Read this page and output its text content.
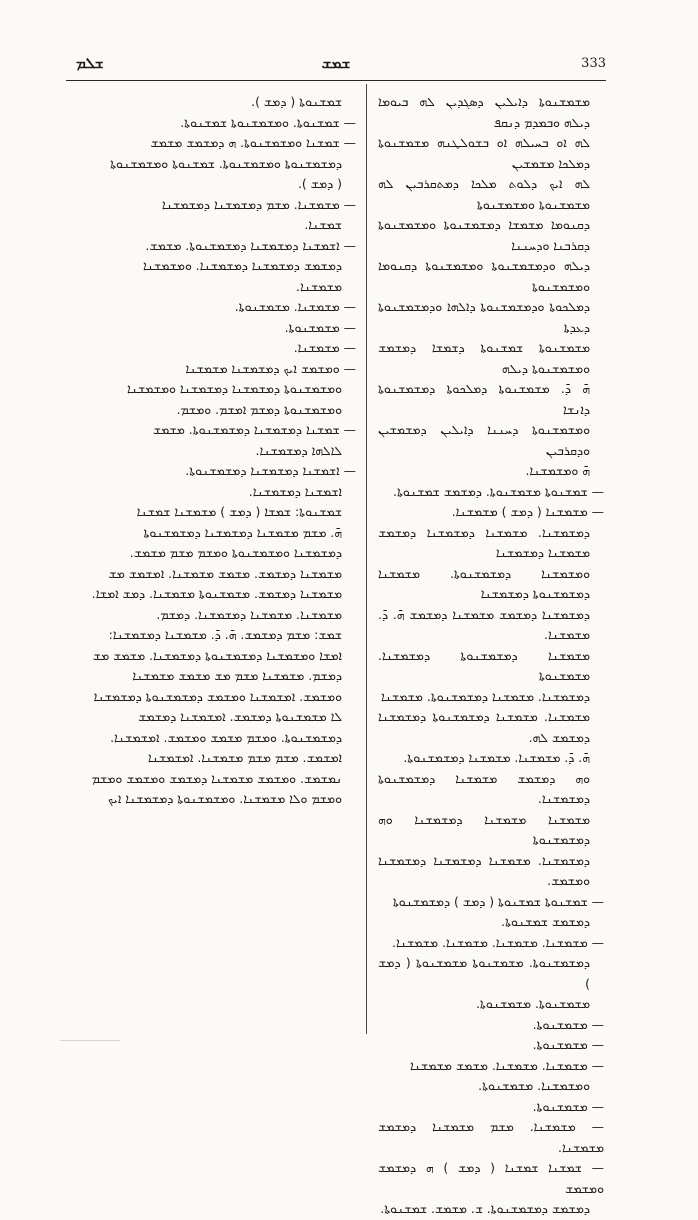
ܫܠܡ	ܫܡܫ	333

ܡܫܡܫܢܘܬܐ ܕܐܝܠܝܢ ܕܣܓܕܝܢ ܠܗ ܒܝܘܡܐ ܕܝܠܗ ܘܒܡܕܡ ܕܢܩܦ

ܠܗ ܐܘ ܒܚܝܠܗ ܐܘ ܒܫܘܠܛܢܗ ܡܫܡܫܢܘܬܐ ܕܡܠܟܐ ܡܫܡܫܝܢ

ܠܗ ܐܝܟ ܕܠܘܬ ܡܠܟܐ ܕܡܬܩܪܒܝܢ ܠܗ ܡܫܡܫܢܘܬܐ ܘܡܫܡܫܢܘܬܐ

ܕܩܢܘܡܐ ܡܫܡܫܐ ܕܡܫܡܫܢܘܬܐ ܘܡܫܡܫܢܘܬܐ ܕܩܪܒܢܐ ܘܕܚܢܢܐ

ܕܝܠܗ ܘܕܡܫܡܫܢܘܬܐ ܘܡܫܡܫܢܘܬܐ ܕܩܢܘܡܐ ܘܡܫܡܫܢܘܬܐ

ܕܡܠܟܘܬܐ ܘܕܡܫܡܫܢܘܬܐ ܕܐܠܗܐ ܘܕܡܫܡܫܢܘܬܐ ܕܥܕܬܐ

ܡܫܡܫܢܘܬܐ ܫܡܫܢܘܬܐ ܕܫܡܫܐ ܕܡܫܡܫ ܘܡܫܡܫܢܘܬܐ ܕܝܠܗ

ܗ̄ ܕ̄. ܡܫܡܫܢܘܬܐ ܕܡܠܟܘܬܐ ܕܡܫܡܫܢܘܬܐ ܕܐܢܫܐ

ܘܡܫܡܫܢܘܬܐ ܕܚܢܢܐ ܕܐܝܠܝܢ ܕܡܫܡܫܝܢ ܘܕܩܪܒܝܢ

ܗ̄ ܘܡܫܡܫܢܐ.

— ܫܡܫܢܘܬܐ ܡܫܡܫܢܘܬܐ. ܕܡܫܡܫ ܫܡܫܢܘܬܐ.

— ܡܫܡܫܢܐ ( ܕܡܫ ) ܡܫܡܫܢܐ.

ܕܡܫܡܫܢܐ. ܡܫܡܫܢܐ ܕܡܫܡܫܢܐ ܕܡܫܡܫ ܡܫܡܫܢܐ ܕܡܫܡܫܢܐ

ܘܡܫܡܫܢܐ ܕܡܫܡܫܢܘܬܐ. ܡܫܡܫܢܐ ܕܡܫܡܫܢܘܬܐ ܕܡܫܡܫܢܐ

ܕܡܫܡܫܢܐ ܕܡܫܡܫ ܡܫܡܫܢܐ ܕܡܫܡܫ ܗ̄. ܕ̄. ܡܫܡܫܢܐ.

ܡܫܡܫܢܐ ܕܡܫܡܫܢܘܬܐ ܕܡܫܡܫܢܐ. ܡܫܡܫܢܘܬܐ

ܕܡܫܡܫܢܐ. ܡܫܡܫܢܐ ܕܡܫܡܫܢܘܬܐ. ܡܫܡܫܢܐ

ܡܫܡܫܢܐ. ܡܫܡܫܢܐ ܕܡܫܡܫܢܘܬܐ ܕܡܫܡܫܢܐ ܕܡܫܡܫ ܠܗ.

ܗ̄. ܕ̄. ܡܫܡܫܢܐ. ܡܫܡܫܢܐ ܕܡܫܡܫܢܘܬܐ.

ܘܗ ܕܡܫܡܫ ܡܫܡܫܢܐ ܕܡܫܡܫܢܘܬܐ ܕܡܫܡܫܢܐ.

ܡܫܡܫܢܐ ܡܫܡܫܢܐ ܕܡܫܡܫܢܐ ܘܗ ܕܡܫܡܫܢܘܬܐ

ܕܡܫܡܫܢܐ. ܡܫܡܫܢܐ ܕܡܫܡܫܢܐ ܕܡܫܡܫܢܐ ܘܡܫܡܫ.

— ܫܡܫܢܘܬܐ ܫܡܫܢܘܬܐ ( ܕܡܫ ) ܕܡܫܡܫܢܘܬܐ

ܕܡܫܡܫ ܫܡܫܢܘܬܐ.

— ܡܫܡܫܢܐ. ܡܫܡܫܢܐ. ܡܫܡܫܢܐ. ܡܫܡܫܢܐ.

ܕܡܫܡܫܢܘܬܐ. ܡܫܡܫܢܘܬܐ ܡܫܡܫܢܘܬܐ ( ܕܡܫ )

ܡܫܡܫܢܘܬܐ. ܡܫܡܫܢܘܬܐ.

— ܡܫܡܫܢܘܬܐ.

— ܡܫܡܫܢܘܬܐ.

— ܡܫܡܫܢܐ. ܡܫܡܫܢܐ. ܡܫܡܫ ܡܫܡܫܢܐ

ܘܡܫܡܫܢܐ. ܡܫܡܫܢܘܬܐ.

— ܡܫܡܫܢܘܬܐ.

— ܡܫܡܫܢܐ. ܡܫܡ ܡܫܡܫܢܐ ܕܡܫܡܫ ܡܫܡܫܢܐ.

— ܫܡܫܢܐ ܫܡܫܢܐ ( ܕܡܫ ) ܗ ܕܡܫܡܫ ܘܡܫܡܫ

ܕܡܫܡܫ ܕܡܫܡܫܢܘܬܐ. ܫ. ܡܫܡܫ. ܫܡܫܢܘܬܐ.

ܫܡܫܢܘܬܐ ( ܕܡܫ ).

— ܫܡܫܢܘܬܐ. ܘܡܫܡܫܢܘܬܐ ܫܡܫܢܘܬܐ.

— ܫܡܫܢܐ ܘܡܫܡܫܢܘܬܐ. ܗ ܕܡܫܡܫ ܡܫܡܫ

ܕܡܫܡܫܢܘܬܐ ܘܡܫܡܫܢܘܬܐ. ܫܡܫܢܘܬܐ ܘܡܫܡܫܢܘܬܐ

( ܕܡܫ ).

— ܡܫܡܫܢܐ. ܡܫܡ ܕܡܫܡܫܢܐ ܕܡܫܡܫܢܐ

ܫܡܫܢܐ.

— ܐܫܡܫܢܐ ܕܡܫܡܫܢܐ ܕܡܫܡܫܢܘܬܐ. ܡܫܡܫ.

ܕܡܫܡܫ ܕܡܫܡܫܢܐ ܕܡܫܡܫܢܐ. ܘܡܫܡܫܢܐ

ܡܫܡܫܢܐ.

— ܡܫܡܫܢܐ. ܡܫܡܫܢܘܬܐ.

— ܡܫܡܫܢܘܬܐ.

— ܡܫܡܫܢܐ.

— ܘܡܫܡܫ ܐܝܟ ܕܡܫܡܫܢܐ ܡܫܡܫܢܐ

ܘܡܫܡܫܢܘܬܐ ܕܡܫܡܫܢܐ ܕܡܫܡܫܢܐ ܘܡܫܡܫܢܐ

ܘܡܫܡܫܢܘܬܐ ܕܡܫܡ ܐܡܫܡ. ܘܡܫܡ.

— ܫܡܫܢܐ ܕܡܫܡܫܢܐ ܕܡܫܡܫܢܘܬܐ. ܡܫܡܫ

ܠܐܠܗܐ ܕܡܫܡܫܢܐ.

— ܐܫܡܫܢܐ ܕܡܫܡܫܢܐ ܕܡܫܡܫܢܘܬܐ.

ܐܫܡܫܢܐ ܕܡܫܡܫܢܐ.

ܫܡܫܢܘܬܐ: ܫܡܫܐ ( ܕܡܫ ) ܡܫܡܫܢܐ ܫܡܫܢܐ

ܗ̄. ܡܫܡ ܡܫܡܫܢܐ ܕܡܫܡܫܢܐ ܕܡܫܡܫܢܘܬܐ

ܕܡܫܡܫܢܐ ܘܡܫܡܫܢܘܬܐ ܘܡܫܡ ܡܫܡ ܡܫܡܫ.

ܡܫܡܫܢܐ ܕܡܫܡܫ. ܡܫܡܫ ܡܫܡܫܢܐ. ܐܡܫܡܫ ܡܫ

ܡܫܡܫܢܐ ܕܡܫܡܫ. ܡܫܡܫܢܘܬܐ ܡܫܡܫܢܐ. ܕܡܫ ܐܡܫܐ.

ܡܫܡܫܢܐ. ܡܫܡܫܢܐ ܕܡܫܡܫܢܐ. ܕܡܫܡ.

ܫܡܫ: ܡܫܡ ܕܡܫܡܫ. ܗ̄. ܕ̄. ܡܫܡܫܢܐ ܕܡܫܡܫܢܐ:

ܐܡܫܐ ܘܡܫܡܫܢܐ ܕܡܫܡܫܢܘܬܐ ܕܡܫܡܫܢܐ. ܡܫܡܫ ܡܫ

ܕܡܫܡ. ܡܫܡܫܢܐ ܡܫܡ ܡܫ ܡܫܡܫ ܡܫܡܫܢܐ

ܘܡܫܡܫ. ܐܡܫܡܫܢܐ ܘܡܫܡܫ ܕܡܫܡܫܢܘܬܐ ܕܡܫܡܫܢܐ

ܠܐ ܡܫܡܫܢܘܬܐ ܕܡܫܡܫ. ܐܡܫܡܫܢܐ ܕܡܫܡܫ

ܕܡܫܡܫܢܘܬܐ. ܘܡܫܡ ܡܫܡܫ ܘܡܫܡܫ. ܐܡܫܡܫܢܐ.

ܐܡܫܡܫ. ܡܫܡ ܡܫܡ ܡܫܡܫܢܐ. ܐܡܫܡܫܢܐ

ܢܡܫܡܫ. ܘܡܫܡܫ ܡܫܡܫܢܐ ܕܡܫܡܫ ܘܡܫܡܫ ܘܡܫܡ

ܘܡܫܡ ܘܠܐ ܡܫܡܫܢܐ. ܘܡܫܡܫܢܘܬܐ ܕܡܫܡܫܢܐ ܐܝܟ
